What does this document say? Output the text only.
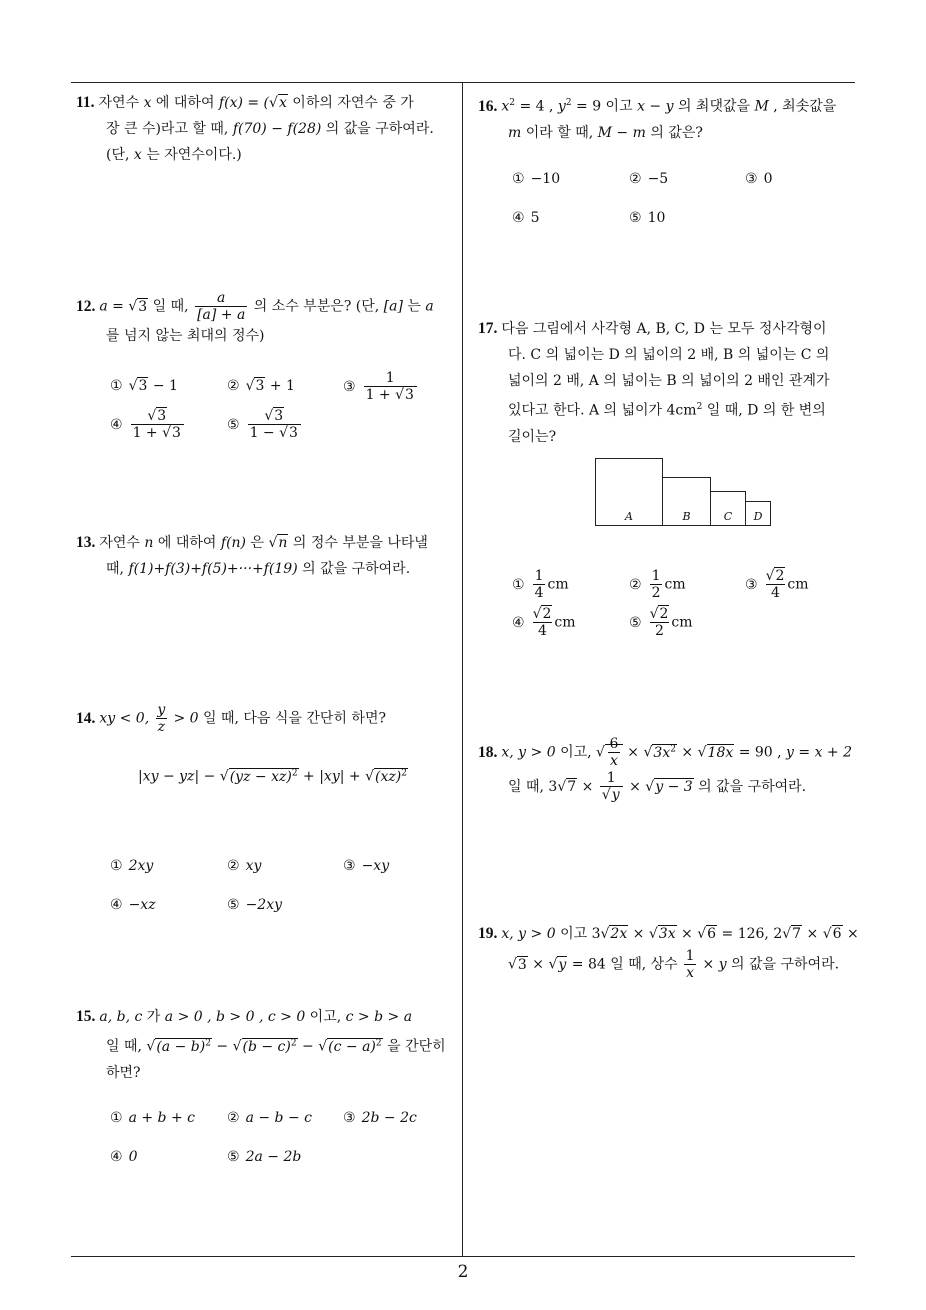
11. 자연수 x 에 대하여 f(x) = (√x 이하의 자연수 중 가
장 큰 수)라고 할 때, f(70) − f(28) 의 값을 구하여라.
(단, x 는 자연수이다.)
12. a = √3 일 때, $\frac{a}{[a] + a}$ 의 소수 부분은? (단, [a] 는 a
를 넘지 않는 최대의 정수)
① √3 − 1	② √3 + 1	③ $\frac{1}{1 + √3}$
④ $\frac{√3}{1 + √3}$	⑤ $\frac{√3}{1 - √3}$
13. 자연수 n 에 대하여 f(n) 은 √n 의 정수 부분을 나타낼
때, f(1)+f(3)+f(5)+···+f(19) 의 값을 구하여라.
14. xy < 0, $\frac{y}{z} > 0$ 일 때, 다음 식을 간단히 하면?
|xy − yz| − √(yz − xz)$^2$ + |xy| + √(xz)$^2$
① 2xy	② xy	③ −xy
④ −xz	⑤ −2xy
15. a, b, c 가 a > 0 , b > 0 , c > 0 이고, c > b > a
일 때, $√(a - b)^2 - √(b - c)^2 - √(c - a)^2$ 을 간단히
하면?
① a + b + c ② a − b − c ③ 2b − 2c
④ 0	⑤ 2a − 2b
16. $x^2 = 4$ , $y^2 = 9$ 이고 x − y 의 최댓값을 M , 최솟값을
m 이라 할 때, M − m 의 값은?
① −10	② −5	③ 0
④ 5	⑤ 10
17. 다음 그림에서 사각형 A, B, C, D 는 모두 정사각형이
다. C 의 넓이는 D 의 넓이의 2 배, B 의 넓이는 C 의
넓이의 2 배, A 의 넓이는 B 의 넓이의 2 배인 관계가
있다고 한다. A 의 넓이가 $4cm^2$ 일 때, D 의 한 변의
길이는?
A	B	C	D
① $\frac{1}{4}$ cm	② $\frac{1}{2}$ cm	③ $\frac{√2}{4}$ cm
④ $\frac{√2}{4}$ cm	⑤ $\frac{√2}{2}$ cm
18. x, y > 0 이고, √ $\frac{6}{x} \times √3x^2 \times √18x = 90$ , y = x + 2
일 때, $3√7 \times \frac{1}{√y} \times √y - 3$ 의 값을 구하여라.
19. x, y > 0 이고 3√2x × √3x × √6 = 126, 2√7 × √6 ×
√3 × √y = 84 일 때, 상수 $\frac{1}{x} \times y$ 의 값을 구하여라.
2
